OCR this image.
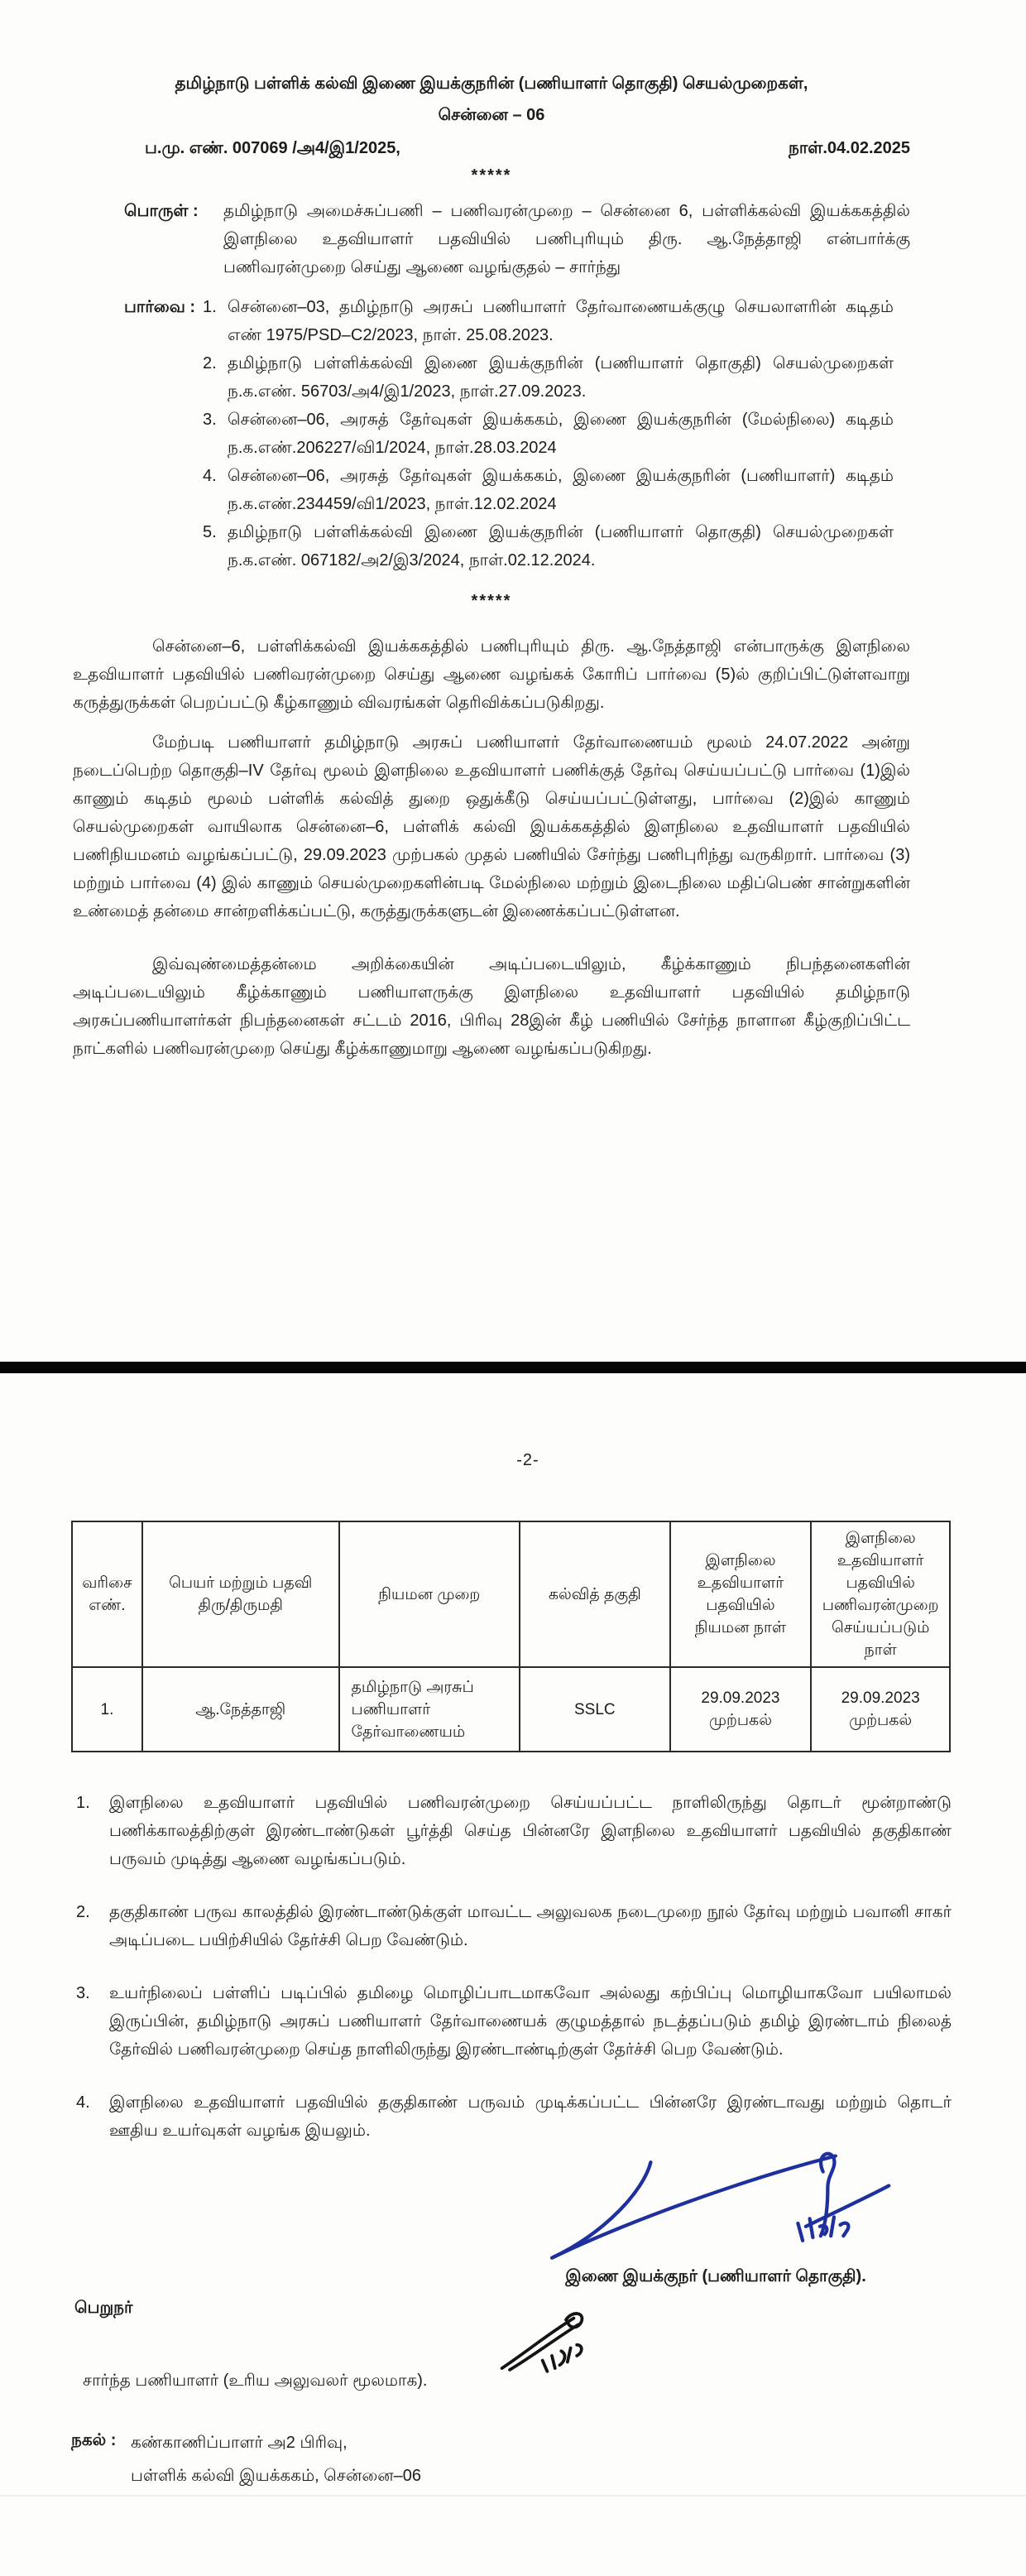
தமிழ்நாடு பள்ளிக் கல்வி இணை இயக்குநரின் (பணியாளர் தொகுதி) செயல்முறைகள்,
சென்னை – 06
ப.மு. எண். 007069 /அ4/இ1/2025,	நாள்.04.02.2025
*****
பொருள் : தமிழ்நாடு அமைச்சுப்பணி – பணிவரன்முறை – சென்னை 6, பள்ளிக்கல்வி இயக்ககத்தில் இளநிலை உதவியாளர் பதவியில் பணிபுரியும் திரு. ஆ.நேத்தாஜி என்பார்க்கு பணிவரன்முறை செய்து ஆணை வழங்குதல் – சார்ந்து
பார்வை : 1. சென்னை–03, தமிழ்நாடு அரசுப் பணியாளர் தேர்வாணையக்குழு செயலாளரின் கடிதம் எண் 1975/PSD–C2/2023, நாள். 25.08.2023.
2. தமிழ்நாடு பள்ளிக்கல்வி இணை இயக்குநரின் (பணியாளர் தொகுதி) செயல்முறைகள் ந.க.எண். 56703/அ4/இ1/2023, நாள்.27.09.2023.
3. சென்னை–06, அரசுத் தேர்வுகள் இயக்ககம், இணை இயக்குநரின் (மேல்நிலை) கடிதம் ந.க.எண்.206227/வி1/2024, நாள்.28.03.2024
4. சென்னை–06, அரசுத் தேர்வுகள் இயக்ககம், இணை இயக்குநரின் (பணியாளர்) கடிதம் ந.க.எண்.234459/வி1/2023, நாள்.12.02.2024
5. தமிழ்நாடு பள்ளிக்கல்வி இணை இயக்குநரின் (பணியாளர் தொகுதி) செயல்முறைகள் ந.க.எண். 067182/அ2/இ3/2024, நாள்.02.12.2024.
*****

சென்னை–6, பள்ளிக்கல்வி இயக்ககத்தில் பணிபுரியும் திரு. ஆ.நேத்தாஜி என்பாருக்கு இளநிலை உதவியாளர் பதவியில் பணிவரன்முறை செய்து ஆணை வழங்கக் கோரிப் பார்வை (5)ல் குறிப்பிட்டுள்ளவாறு கருத்துருக்கள் பெறப்பட்டு கீழ்காணும் விவரங்கள் தெரிவிக்கப்படுகிறது.

மேற்படி பணியாளர் தமிழ்நாடு அரசுப் பணியாளர் தேர்வாணையம் மூலம் 24.07.2022 அன்று நடைப்பெற்ற தொகுதி–IV தேர்வு மூலம் இளநிலை உதவியாளர் பணிக்குத் தேர்வு செய்யப்பட்டு பார்வை (1)இல் காணும் கடிதம் மூலம் பள்ளிக் கல்வித் துறை ஒதுக்கீடு செய்யப்பட்டுள்ளது, பார்வை (2)இல் காணும் செயல்முறைகள் வாயிலாக சென்னை–6, பள்ளிக் கல்வி இயக்ககத்தில் இளநிலை உதவியாளர் பதவியில் பணிநியமனம் வழங்கப்பட்டு, 29.09.2023 முற்பகல் முதல் பணியில் சேர்ந்து பணிபுரிந்து வருகிறார். பார்வை (3) மற்றும் பார்வை (4) இல் காணும் செயல்முறைகளின்படி மேல்நிலை மற்றும் இடைநிலை மதிப்பெண் சான்றுகளின் உண்மைத் தன்மை சான்றளிக்கப்பட்டு, கருத்துருக்களுடன் இணைக்கப்பட்டுள்ளன.

இவ்வுண்மைத்தன்மை அறிக்கையின் அடிப்படையிலும், கீழ்க்காணும் நிபந்தனைகளின் அடிப்படையிலும் கீழ்க்காணும் பணியாளருக்கு இளநிலை உதவியாளர் பதவியில் தமிழ்நாடு அரசுப்பணியாளர்கள் நிபந்தனைகள் சட்டம் 2016, பிரிவு 28இன் கீழ் பணியில் சேர்ந்த நாளான கீழ்குறிப்பிட்ட நாட்களில் பணிவரன்முறை செய்து கீழ்க்காணுமாறு ஆணை வழங்கப்படுகிறது.

-2-
வரிசை எண்.	பெயர் மற்றும் பதவி திரு/திருமதி	நியமன முறை	கல்வித் தகுதி	இளநிலை உதவியாளர் பதவியில் நியமன நாள்	இளநிலை உதவியாளர் பதவியில் பணிவரன்முறை செய்யப்படும் நாள்
1.	ஆ.நேத்தாஜி	தமிழ்நாடு அரசுப் பணியாளர் தேர்வாணையம்	SSLC	29.09.2023 முற்பகல்	29.09.2023 முற்பகல்
1.	இளநிலை உதவியாளர் பதவியில் பணிவரன்முறை செய்யப்பட்ட நாளிலிருந்து தொடர் மூன்றாண்டு பணிக்காலத்திற்குள் இரண்டாண்டுகள் பூர்த்தி செய்த பின்னரே இளநிலை உதவியாளர் பதவியில் தகுதிகாண் பருவம் முடித்து ஆணை வழங்கப்படும்.
2.	தகுதிகாண் பருவ காலத்தில் இரண்டாண்டுக்குள் மாவட்ட அலுவலக நடைமுறை நூல் தேர்வு மற்றும் பவானி சாகர் அடிப்படை பயிற்சியில் தேர்ச்சி பெற வேண்டும்.
3.	உயர்நிலைப் பள்ளிப் படிப்பில் தமிழை மொழிப்பாடமாகவோ அல்லது கற்பிப்பு மொழியாகவோ பயிலாமல் இருப்பின், தமிழ்நாடு அரசுப் பணியாளர் தேர்வாணையக் குழுமத்தால் நடத்தப்படும் தமிழ் இரண்டாம் நிலைத் தேர்வில் பணிவரன்முறை செய்த நாளிலிருந்து இரண்டாண்டிற்குள் தேர்ச்சி பெற வேண்டும்.
4.	இளநிலை உதவியாளர் பதவியில் தகுதிகாண் பருவம் முடிக்கப்பட்ட பின்னரே இரண்டாவது மற்றும் தொடர் ஊதிய உயர்வுகள் வழங்க இயலும்.
இணை இயக்குநர் (பணியாளர் தொகுதி).
பெறுநர்
சார்ந்த பணியாளர் (உரிய அலுவலர் மூலமாக).
நகல் : கண்காணிப்பாளர் அ2 பிரிவு,
பள்ளிக் கல்வி இயக்ககம், சென்னை–06
